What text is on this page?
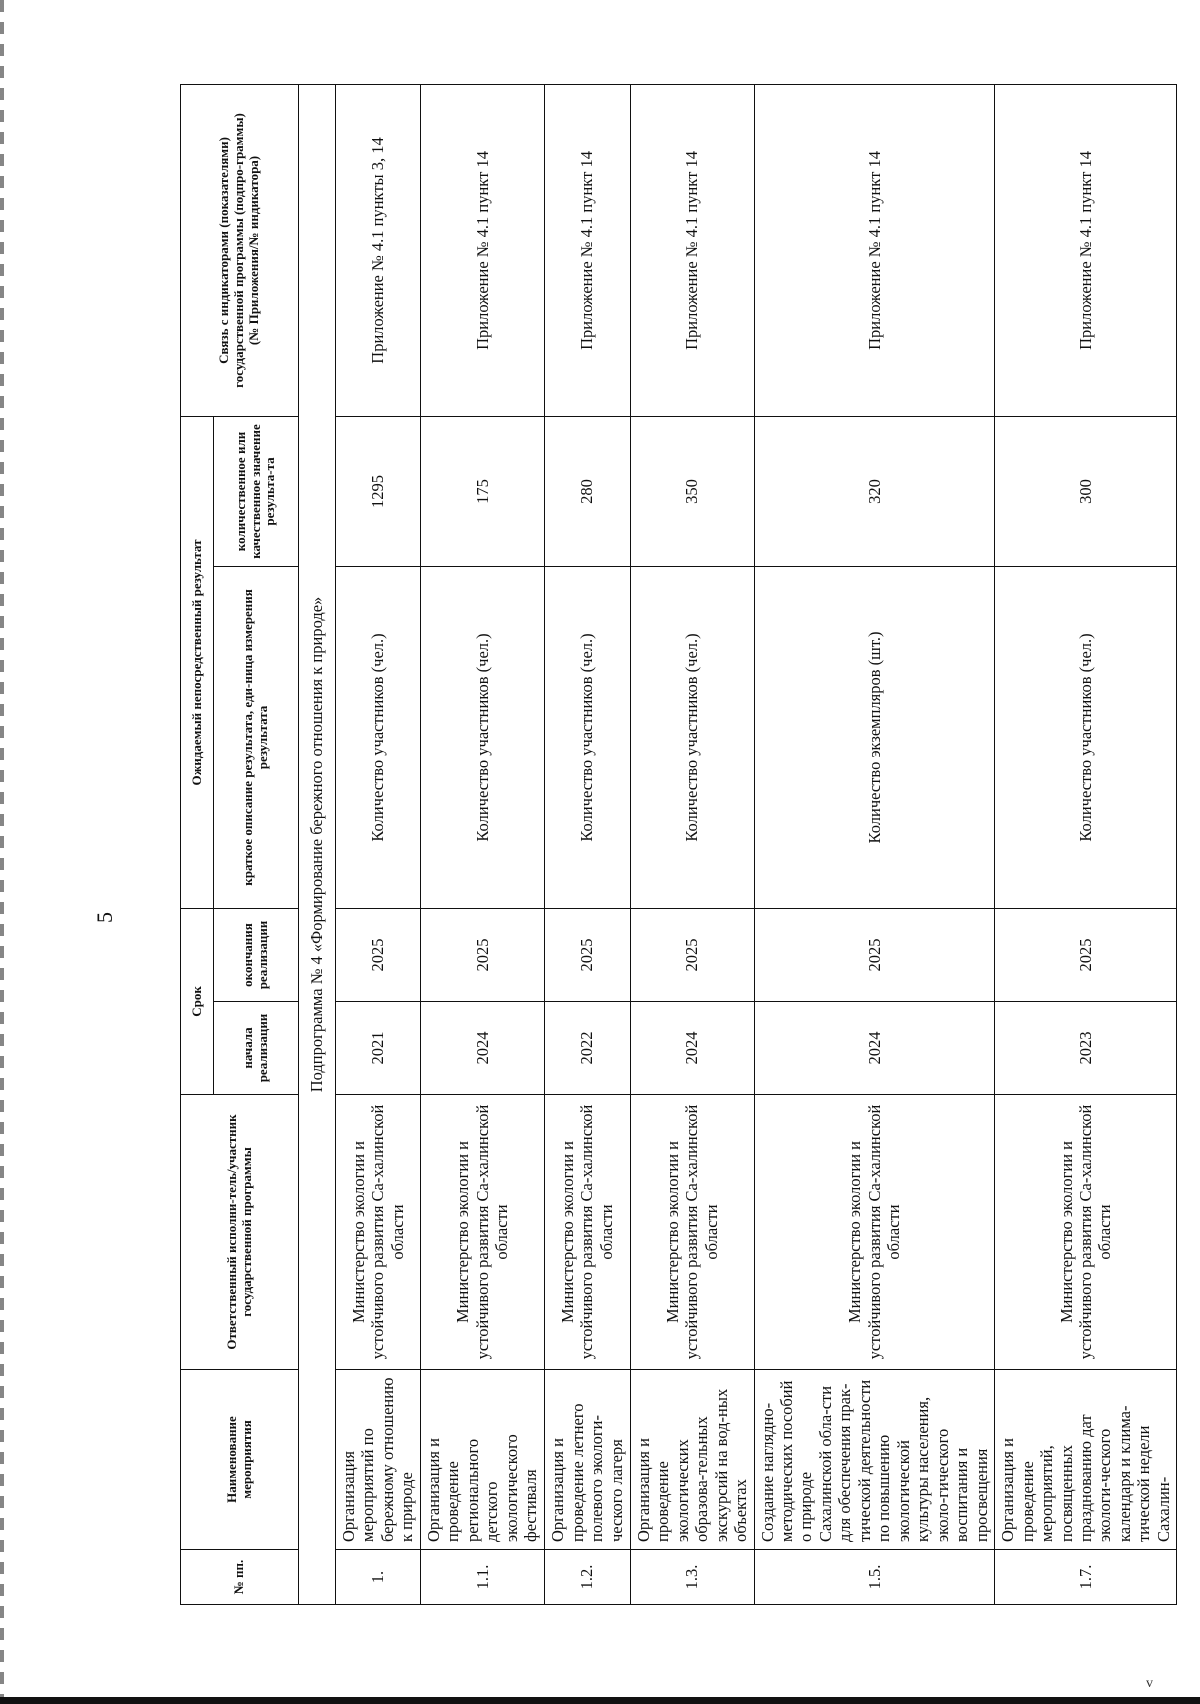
v
5
№ пп.	Наименование мероприятия	Ответственный исполни-тель/участник государственной программы	Срок		Ожидаемый непосредственный результат		Связь с индикаторами (показателями) государственной программы (подпро-граммы)
(№ Приложения/№ индикатора)
			начала реализации	окончания реализации	краткое описание результата, еди-ница измерения результата	количественное или качественное значение результа-та	
Подпрограмма № 4 «Формирование бережного отношения к природе»							
1.	Организация мероприятий по бережному отношению к природе	Министерство экологии и устойчивого развития Са-халинской области	2021	2025	Количество участников (чел.)	1295	Приложение № 4.1 пункты 3, 14
1.1.	Организация и проведение регионального детского экологического фестиваля	Министерство экологии и устойчивого развития Са-халинской области	2024	2025	Количество участников (чел.)	175	Приложение № 4.1 пункт 14
1.2.	Организация и проведение летнего полевого экологи-ческого лагеря	Министерство экологии и устойчивого развития Са-халинской области	2022	2025	Количество участников (чел.)	280	Приложение № 4.1 пункт 14
1.3.	Организация и проведение экологических образова-тельных экскурсий на вод-ных объектах	Министерство экологии и устойчивого развития Са-халинской области	2024	2025	Количество участников (чел.)	350	Приложение № 4.1 пункт 14
1.5.	Создание наглядно-методических пособий о природе Сахалинской обла-сти для обеспечения прак-тической деятельности по повышению экологической культуры населения, эколо-гического воспитания и просвещения	Министерство экологии и устойчивого развития Са-халинской области	2024	2025	Количество экземпляров (шт.)	320	Приложение № 4.1 пункт 14
1.7.	Организация и проведение мероприятий, посвященных празднованию дат экологи-ческого календаря и клима-тической недели Сахалин-	Министерство экологии и устойчивого развития Са-халинской области	2023	2025	Количество участников (чел.)	300	Приложение № 4.1 пункт 14
